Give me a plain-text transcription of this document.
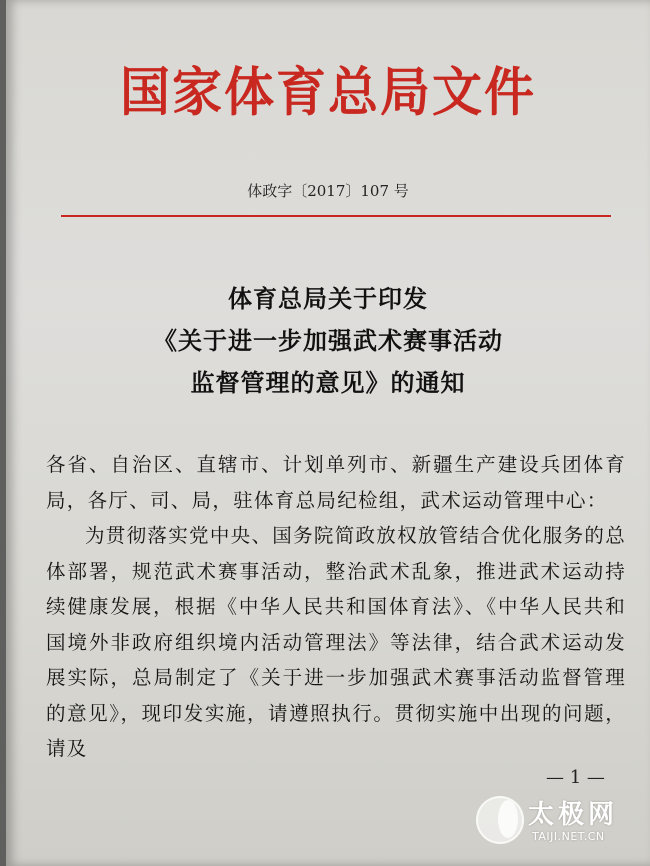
国家体育总局文件
体政字〔2017〕107 号
体育总局关于印发
《关于进一步加强武术赛事活动
监督管理的意见》的通知

各省、自治区、直辖市、计划单列市、新疆生产建设兵团体育局，各厅、司、局，驻体育总局纪检组，武术运动管理中心：

为贯彻落实党中央、国务院简政放权放管结合优化服务的总体部署，规范武术赛事活动，整治武术乱象，推进武术运动持续健康发展，根据《中华人民共和国体育法》、《中华人民共和国境外非政府组织境内活动管理法》等法律，结合武术运动发展实际，总局制定了《关于进一步加强武术赛事活动监督管理的意见》，现印发实施，请遵照执行。贯彻实施中出现的问题，请及

— 1 —
太极网
TAIJI.NET.CN
